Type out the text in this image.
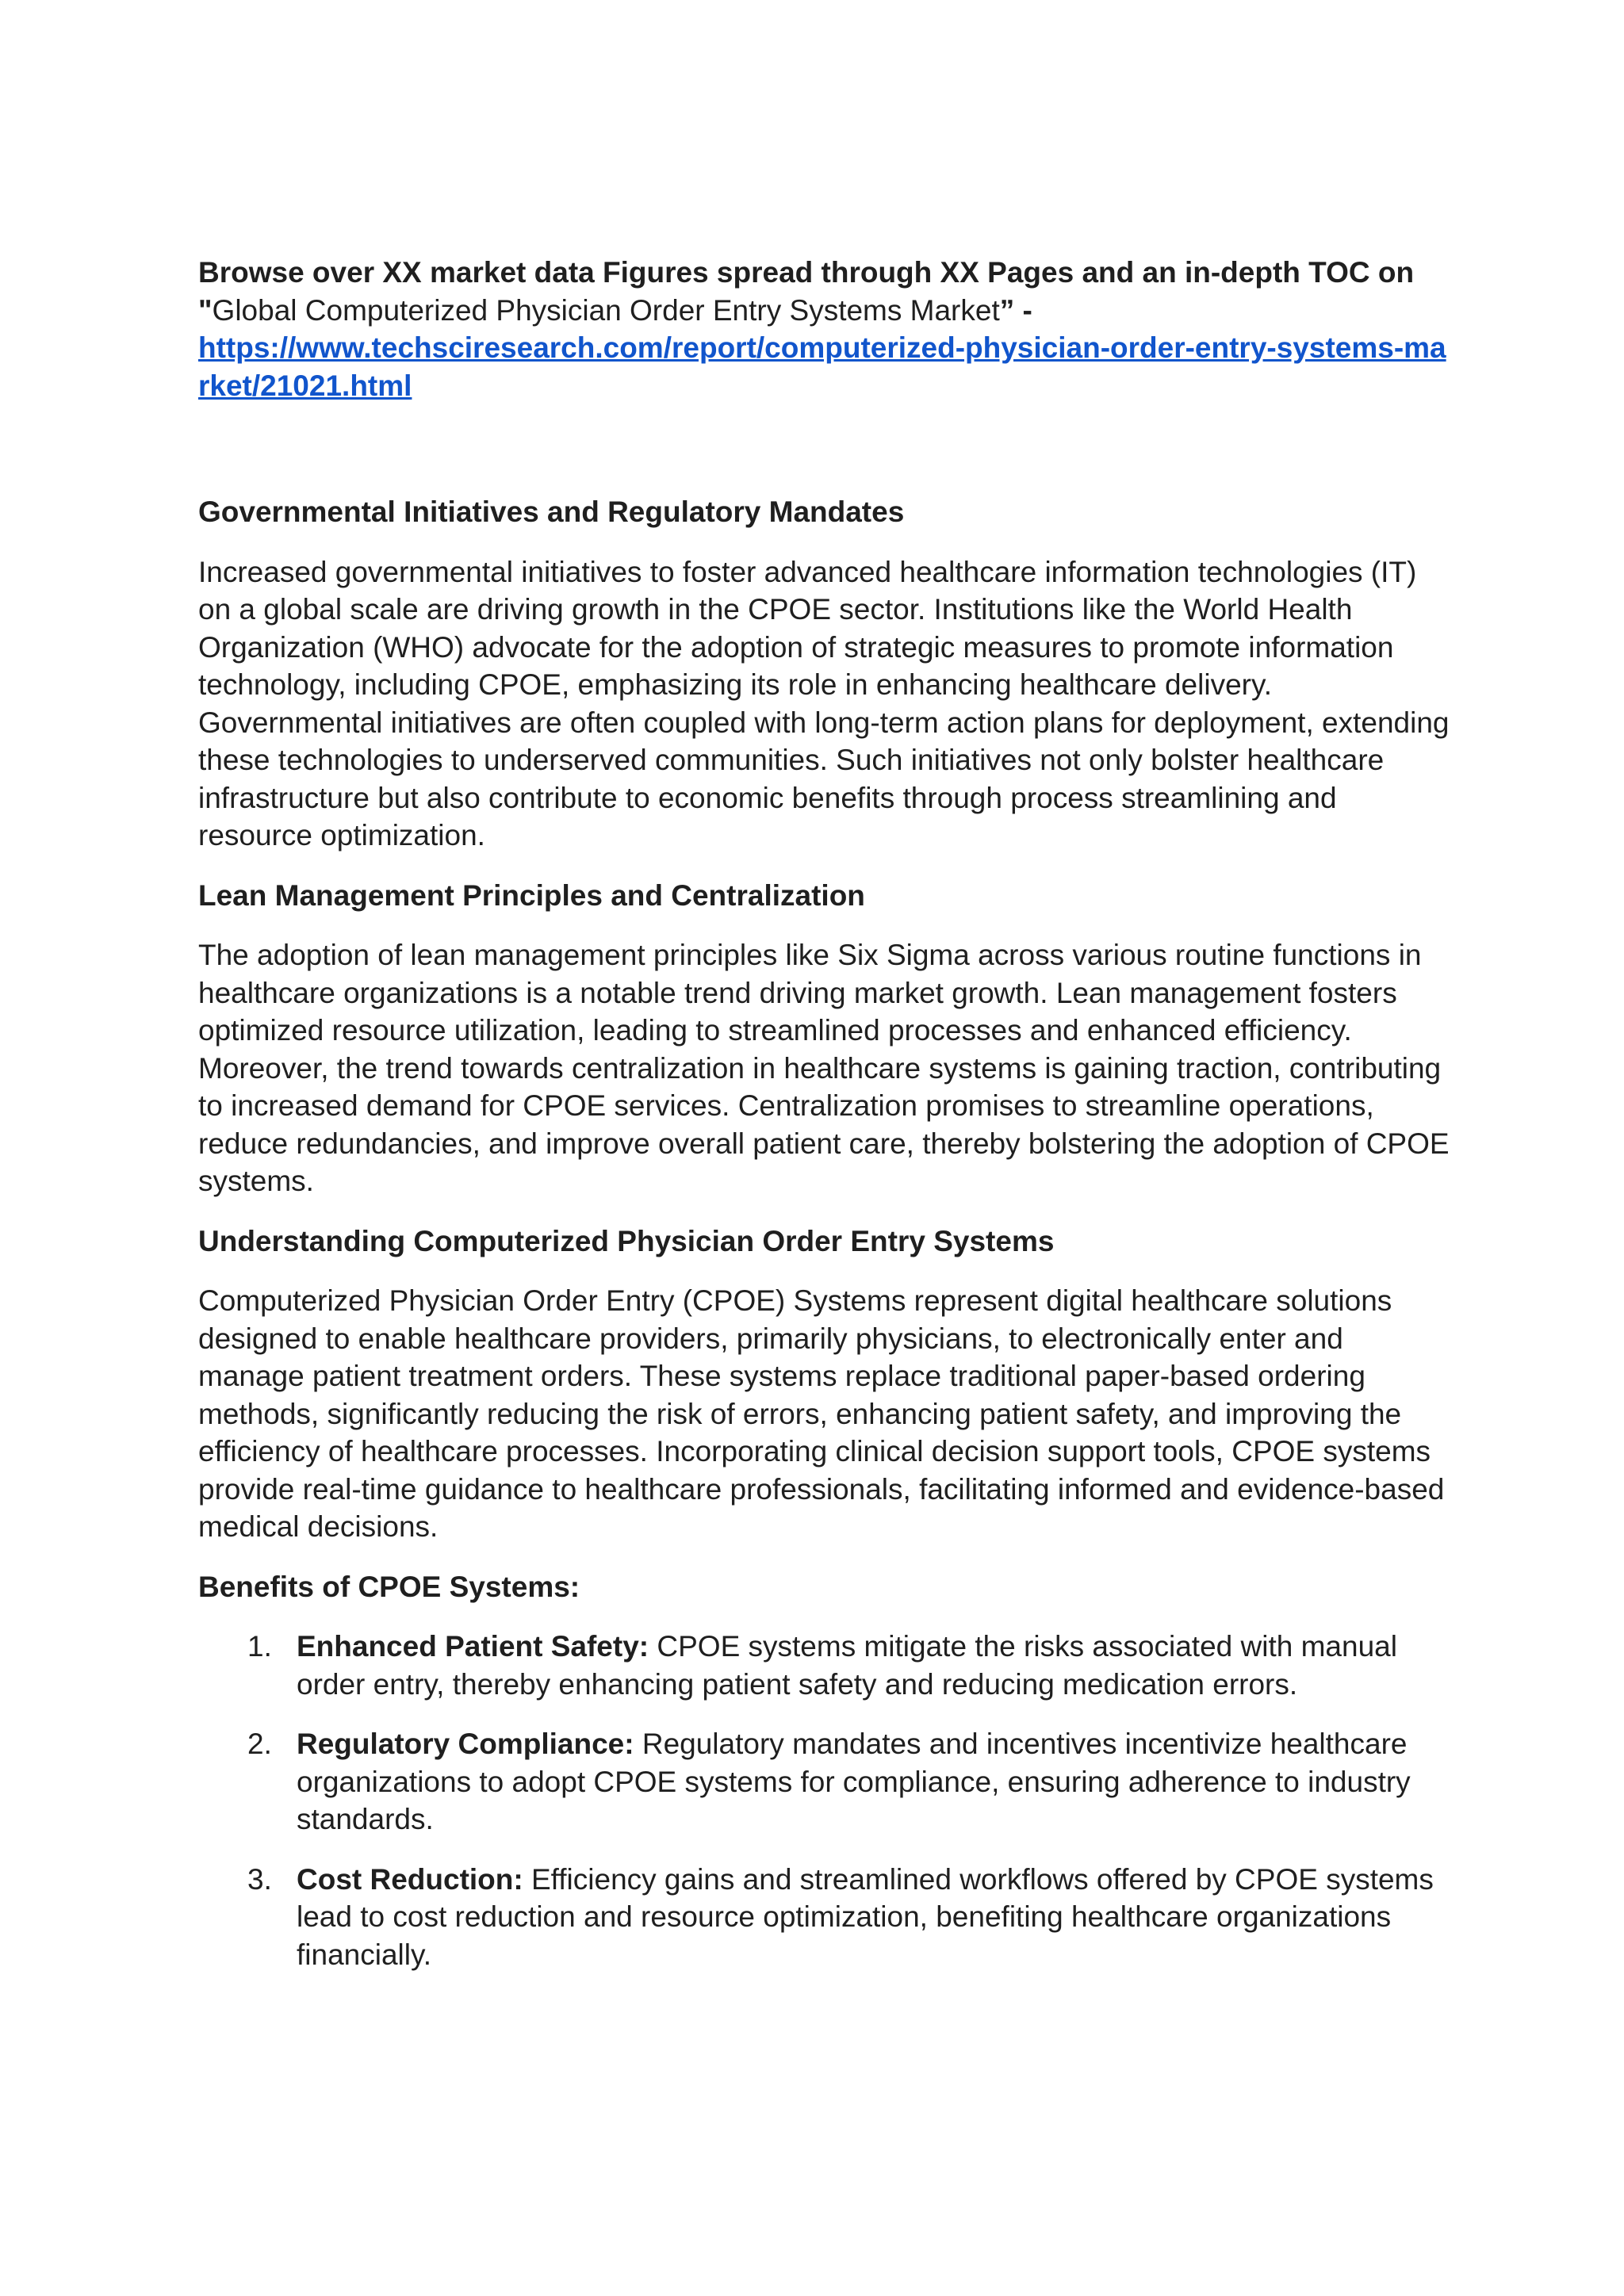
Browse over XX market data Figures spread through XX Pages and an in-depth TOC on "Global Computerized Physician Order Entry Systems Market” -
https://www.techsciresearch.com/report/computerized-physician-order-entry-systems-market/21021.html

Governmental Initiatives and Regulatory Mandates

Increased governmental initiatives to foster advanced healthcare information technologies (IT) on a global scale are driving growth in the CPOE sector. Institutions like the World Health Organization (WHO) advocate for the adoption of strategic measures to promote information technology, including CPOE, emphasizing its role in enhancing healthcare delivery. Governmental initiatives are often coupled with long-term action plans for deployment, extending these technologies to underserved communities. Such initiatives not only bolster healthcare infrastructure but also contribute to economic benefits through process streamlining and resource optimization.

Lean Management Principles and Centralization

The adoption of lean management principles like Six Sigma across various routine functions in healthcare organizations is a notable trend driving market growth. Lean management fosters optimized resource utilization, leading to streamlined processes and enhanced efficiency. Moreover, the trend towards centralization in healthcare systems is gaining traction, contributing to increased demand for CPOE services. Centralization promises to streamline operations, reduce redundancies, and improve overall patient care, thereby bolstering the adoption of CPOE systems.

Understanding Computerized Physician Order Entry Systems

Computerized Physician Order Entry (CPOE) Systems represent digital healthcare solutions designed to enable healthcare providers, primarily physicians, to electronically enter and manage patient treatment orders. These systems replace traditional paper-based ordering methods, significantly reducing the risk of errors, enhancing patient safety, and improving the efficiency of healthcare processes. Incorporating clinical decision support tools, CPOE systems provide real-time guidance to healthcare professionals, facilitating informed and evidence-based medical decisions.

Benefits of CPOE Systems:
1. Enhanced Patient Safety: CPOE systems mitigate the risks associated with manual order entry, thereby enhancing patient safety and reducing medication errors.
2. Regulatory Compliance: Regulatory mandates and incentives incentivize healthcare organizations to adopt CPOE systems for compliance, ensuring adherence to industry standards.
3. Cost Reduction: Efficiency gains and streamlined workflows offered by CPOE systems lead to cost reduction and resource optimization, benefiting healthcare organizations financially.
